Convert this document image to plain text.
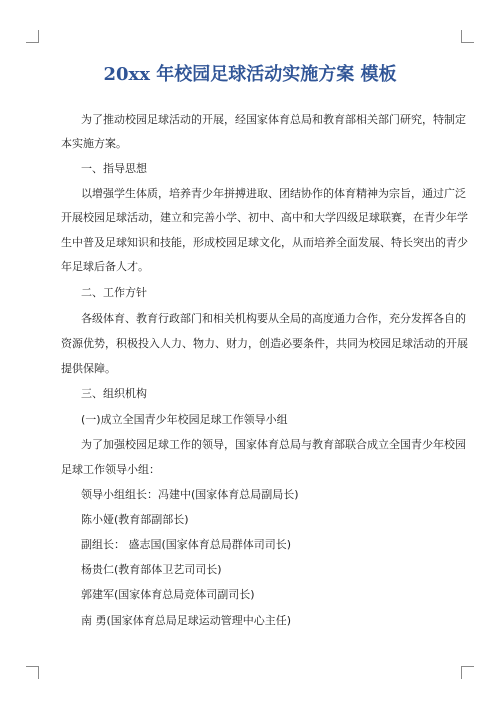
20xx 年校园足球活动实施方案 模板
为了推动校园足球活动的开展，经国家体育总局和教育部相关部门研究，特制定
本实施方案。
一、指导思想
以增强学生体质，培养青少年拼搏进取、团结协作的体育精神为宗旨，通过广泛
开展校园足球活动，建立和完善小学、初中、高中和大学四级足球联赛，在青少年学
生中普及足球知识和技能，形成校园足球文化，从而培养全面发展、特长突出的青少
年足球后备人才。
二、工作方针
各级体育、教育行政部门和相关机构要从全局的高度通力合作，充分发挥各自的
资源优势，积极投入人力、物力、财力，创造必要条件，共同为校园足球活动的开展
提供保障。
三、组织机构
(一)成立全国青少年校园足球工作领导小组
为了加强校园足球工作的领导，国家体育总局与教育部联合成立全国青少年校园
足球工作领导小组：
领导小组组长：冯建中(国家体育总局副局长)
陈小娅(教育部副部长)
副组长： 盛志国(国家体育总局群体司司长)
杨贵仁(教育部体卫艺司司长)
郭建军(国家体育总局竞体司副司长)
南 勇(国家体育总局足球运动管理中心主任)
